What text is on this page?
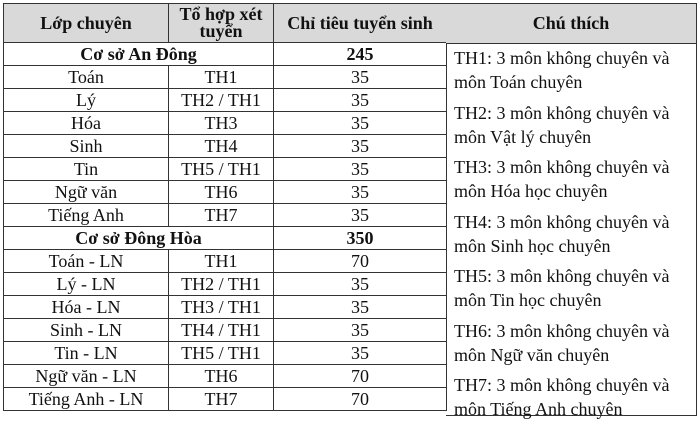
Lớp chuyên	Tổ hợp xét tuyển	Chỉ tiêu tuyển sinh
Cơ sở An Đông		245
Toán	TH1	35
Lý	TH2 / TH1	35
Hóa	TH3	35
Sinh	TH4	35
Tin	TH5 / TH1	35
Ngữ văn	TH6	35
Tiếng Anh	TH7	35
Cơ sở Đông Hòa		350
Toán - LN	TH1	70
Lý - LN	TH2 / TH1	35
Hóa - LN	TH3 / TH1	35
Sinh - LN	TH4 / TH1	35
Tin - LN	TH5 / TH1	35
Ngữ văn - LN	TH6	70
Tiếng Anh - LN	TH7	70
Chú thích
TH1: 3 môn không chuyên và
môn Toán chuyên
TH2: 3 môn không chuyên và
môn Vật lý chuyên
TH3: 3 môn không chuyên và
môn Hóa học chuyên
TH4: 3 môn không chuyên và
môn Sinh học chuyên
TH5: 3 môn không chuyên và
môn Tin học chuyên
TH6: 3 môn không chuyên và
môn Ngữ văn chuyên
TH7: 3 môn không chuyên và
môn Tiếng Anh chuyên
